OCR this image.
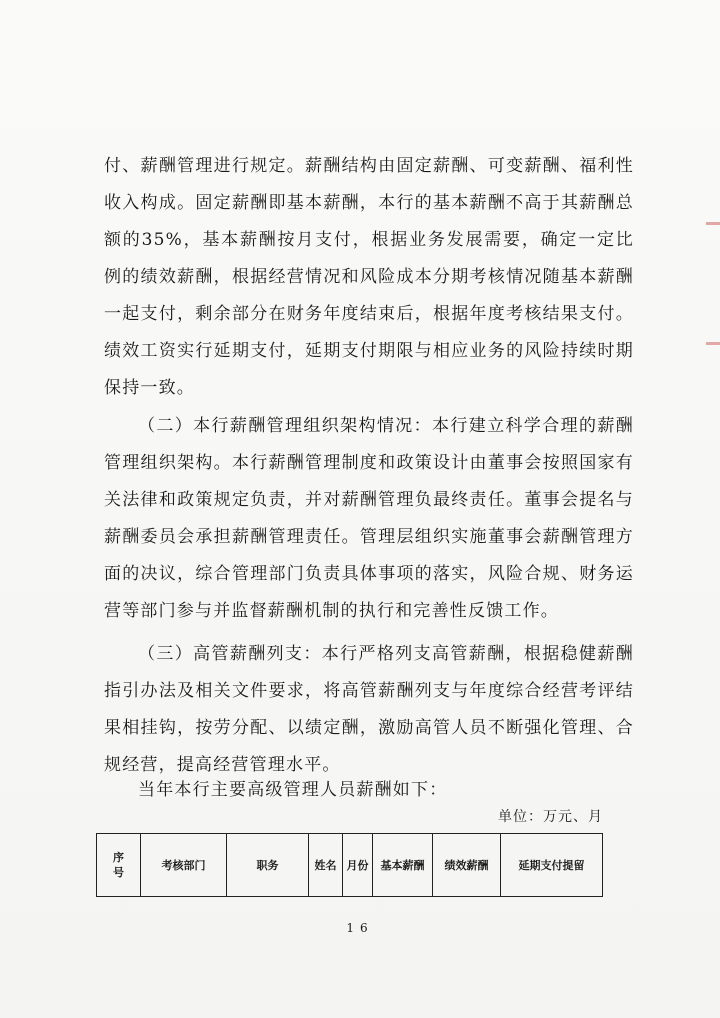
付、薪酬管理进行规定。薪酬结构由固定薪酬、可变薪酬、福利性收入构成。固定薪酬即基本薪酬，本行的基本薪酬不高于其薪酬总额的35%，基本薪酬按月支付，根据业务发展需要，确定一定比例的绩效薪酬，根据经营情况和风险成本分期考核情况随基本薪酬一起支付，剩余部分在财务年度结束后，根据年度考核结果支付。绩效工资实行延期支付，延期支付期限与相应业务的风险持续时期保持一致。

（二）本行薪酬管理组织架构情况：本行建立科学合理的薪酬管理组织架构。本行薪酬管理制度和政策设计由董事会按照国家有关法律和政策规定负责，并对薪酬管理负最终责任。董事会提名与薪酬委员会承担薪酬管理责任。管理层组织实施董事会薪酬管理方面的决议，综合管理部门负责具体事项的落实，风险合规、财务运营等部门参与并监督薪酬机制的执行和完善性反馈工作。

（三）高管薪酬列支：本行严格列支高管薪酬，根据稳健薪酬指引办法及相关文件要求，将高管薪酬列支与年度综合经营考评结果相挂钩，按劳分配、以绩定酬，激励高管人员不断强化管理、合规经营，提高经营管理水平。

当年本行主要高级管理人员薪酬如下：

单位：万元、月
序号	考核部门	职务	姓名	月份	基本薪酬	绩效薪酬	延期支付提留
16
